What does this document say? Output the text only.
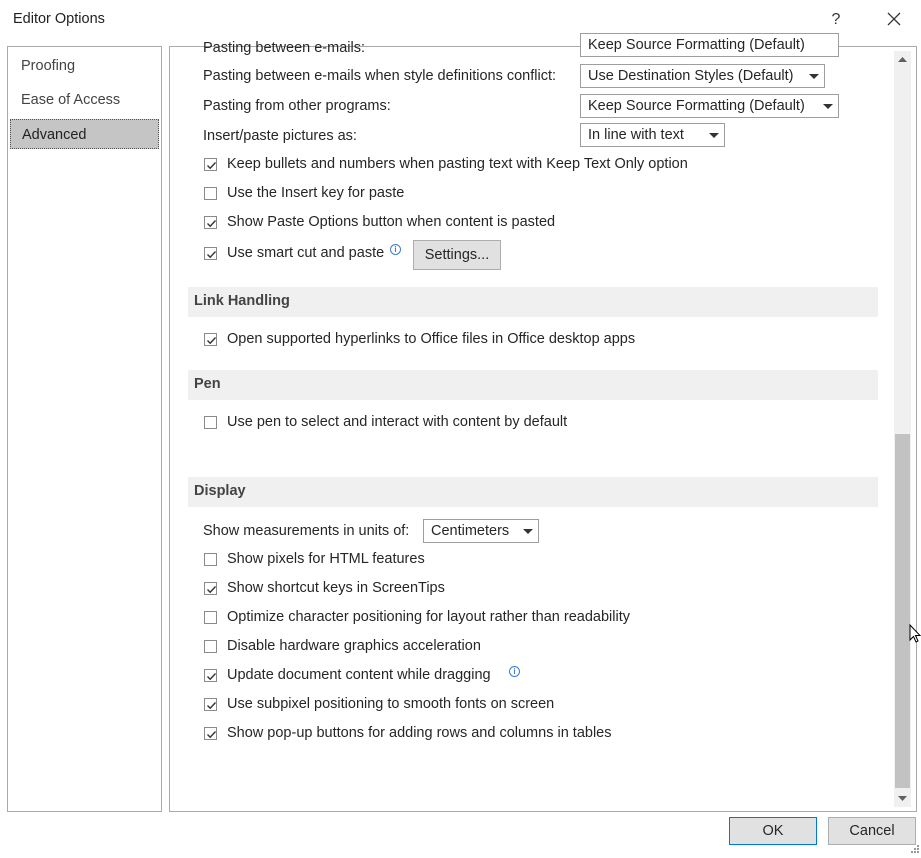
Editor Options	?
Proofing
Ease of Access
Advanced
Pasting between e-mails:	Keep Source Formatting (Default)
Pasting between e-mails when style definitions conflict:	Use Destination Styles (Default)
Pasting from other programs:	Keep Source Formatting (Default)
Insert/paste pictures as:	In line with text
Keep bullets and numbers when pasting text with Keep Text Only option
Use the Insert key for paste
Show Paste Options button when content is pasted
Use smart cut and paste	i	Settings...
Link Handling
Open supported hyperlinks to Office files in Office desktop apps
Pen
Use pen to select and interact with content by default
Display
Show measurements in units of:	Centimeters
Show pixels for HTML features
Show shortcut keys in ScreenTips
Optimize character positioning for layout rather than readability
Disable hardware graphics acceleration
Update document content while dragging	i
Use subpixel positioning to smooth fonts on screen
Show pop-up buttons for adding rows and columns in tables
OK	Cancel
